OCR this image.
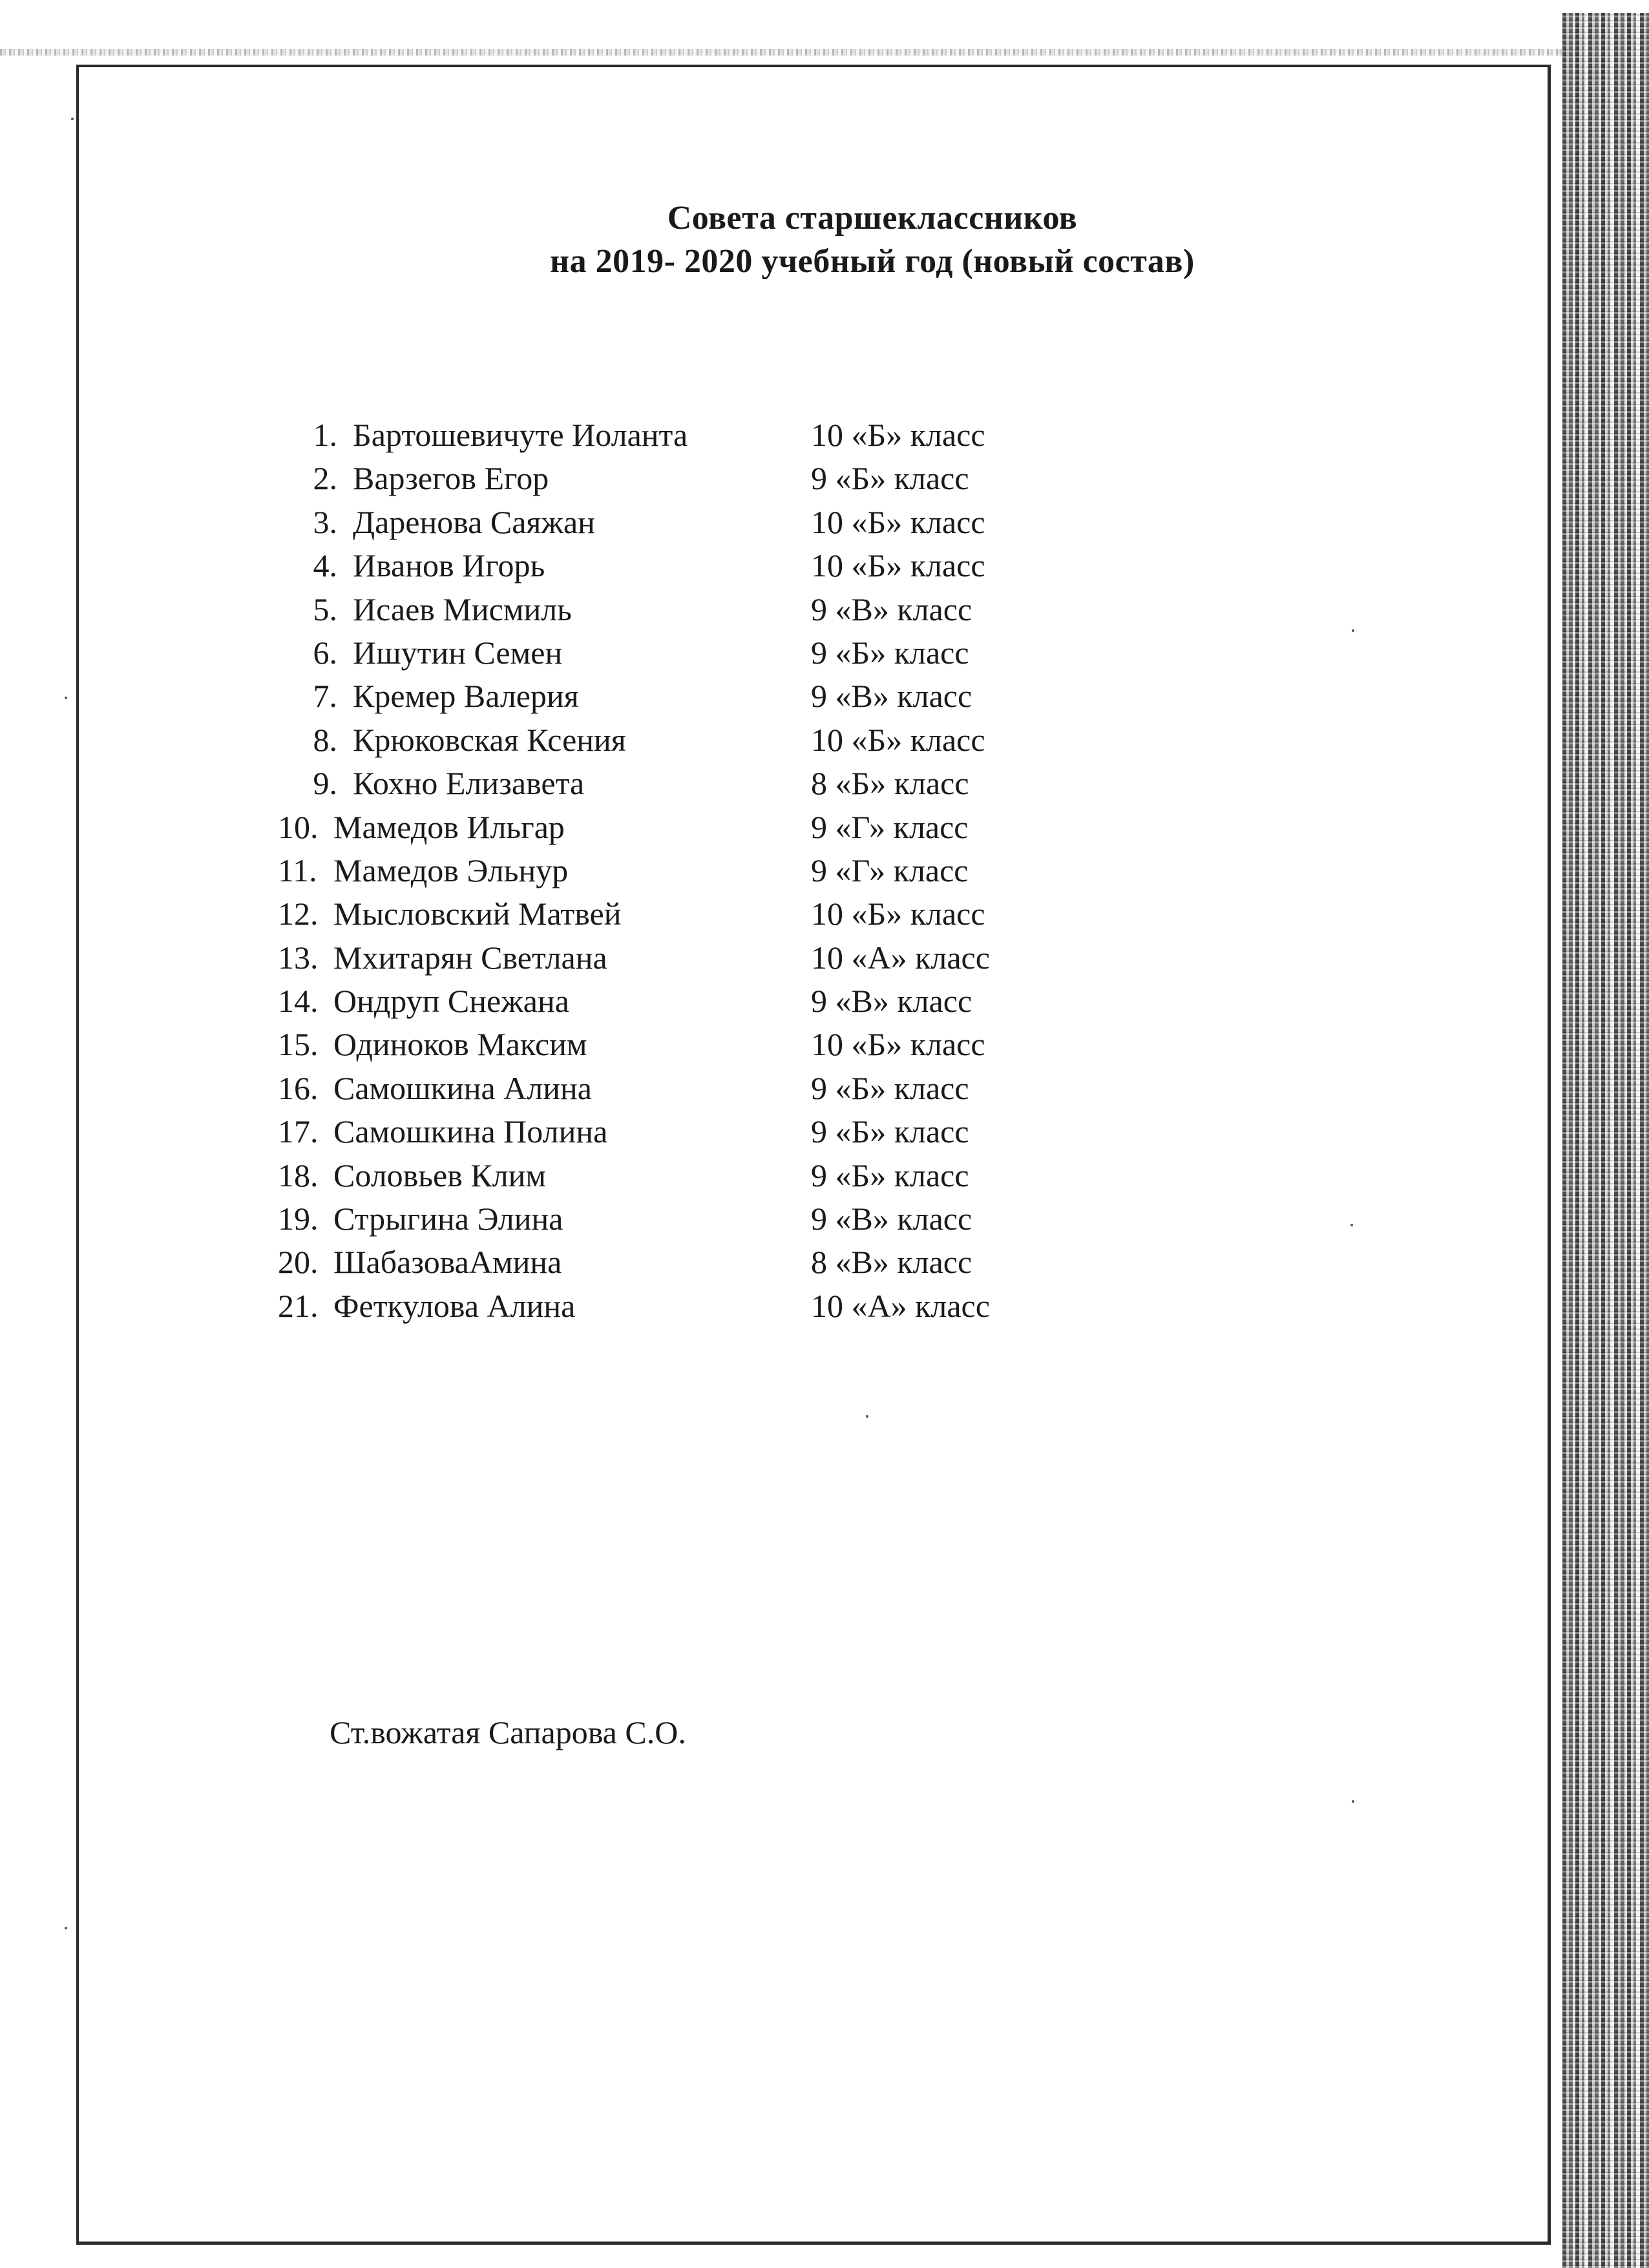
Совета старшеклассников
на 2019- 2020 учебный год (новый состав)
1. Бартошевичуте Иоланта	10 «Б» класс
2. Варзегов Егор	9 «Б» класс
3. Даренова Саяжан	10 «Б» класс
4. Иванов Игорь	10 «Б» класс
5. Исаев Мисмиль	9 «В» класс
6. Ишутин Семен	9 «Б» класс
7. Кремер Валерия	9 «В» класс
8. Крюковская Ксения	10 «Б» класс
9. Кохно Елизавета	8 «Б» класс
10. Мамедов Ильгар	9 «Г» класс
11. Мамедов Эльнур	9 «Г» класс
12. Мысловский Матвей	10 «Б» класс
13. Мхитарян Светлана	10 «А» класс
14. Ондруп Снежана	9 «В» класс
15. Одиноков Максим	10 «Б» класс
16. Самошкина Алина	9 «Б» класс
17. Самошкина Полина	9 «Б» класс
18. Соловьев Клим	9 «Б» класс
19. Стрыгина Элина	9 «В» класс
20. ШабазоваАмина	8 «В» класс
21. Феткулова Алина	10 «А» класс
Ст.вожатая Сапарова С.О.
